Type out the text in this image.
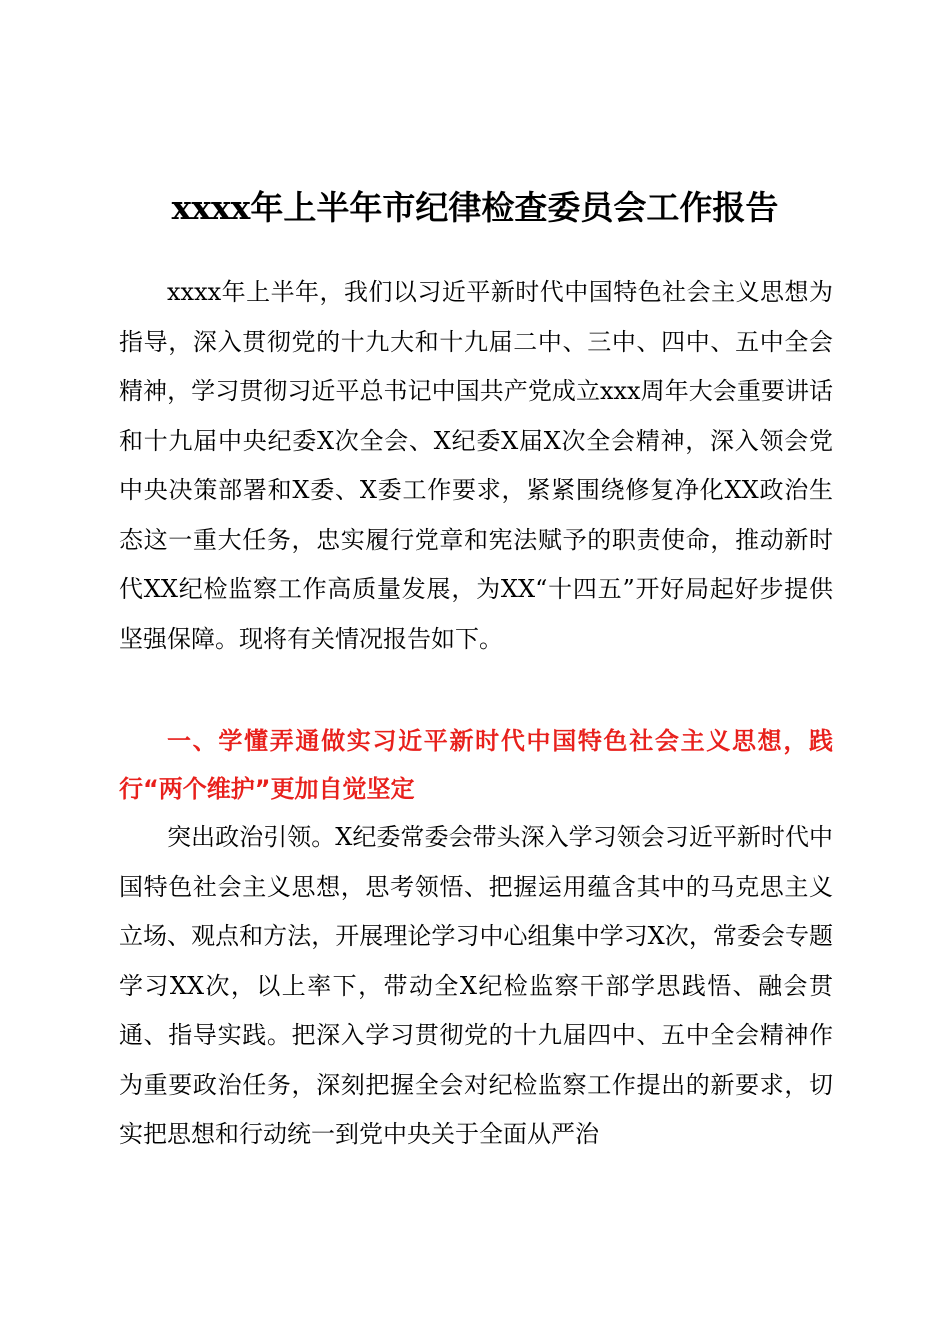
xxxx年上半年市纪律检查委员会工作报告

xxxx年上半年，我们以习近平新时代中国特色社会主义思想为指导，深入贯彻党的十九大和十九届二中、三中、四中、五中全会精神，学习贯彻习近平总书记中国共产党成立xxx周年大会重要讲话和十九届中央纪委X次全会、X纪委X届X次全会精神，深入领会党中央决策部署和X委、X委工作要求，紧紧围绕修复净化XX政治生态这一重大任务，忠实履行党章和宪法赋予的职责使命，推动新时代XX纪检监察工作高质量发展，为XX“十四五”开好局起好步提供坚强保障。现将有关情况报告如下。

一、学懂弄通做实习近平新时代中国特色社会主义思想，践行“两个维护”更加自觉坚定

突出政治引领。X纪委常委会带头深入学习领会习近平新时代中国特色社会主义思想，思考领悟、把握运用蕴含其中的马克思主义立场、观点和方法，开展理论学习中心组集中学习X次，常委会专题学习XX次，以上率下，带动全X纪检监察干部学思践悟、融会贯通、指导实践。把深入学习贯彻党的十九届四中、五中全会精神作为重要政治任务，深刻把握全会对纪检监察工作提出的新要求，切实把思想和行动统一到党中央关于全面从严治
